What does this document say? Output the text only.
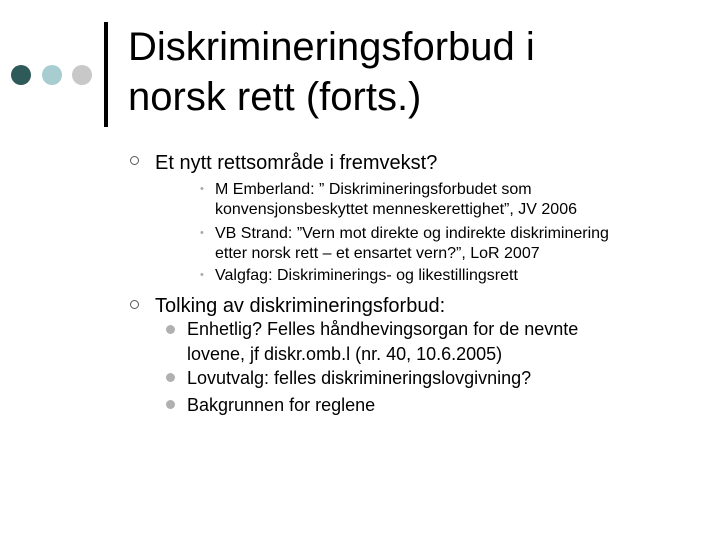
Diskrimineringsforbud i
norsk rett (forts.)
Et nytt rettsområde i fremvekst?
• M Emberland: ” Diskrimineringsforbudet som
konvensjonsbeskyttet menneskerettighet”, JV 2006
• VB Strand: ”Vern mot direkte og indirekte diskriminering
etter norsk rett – et ensartet vern?”, LoR 2007
• Valgfag: Diskriminerings- og likestillingsrett
Tolking av diskrimineringsforbud:
Enhetlig? Felles håndhevingsorgan for de nevnte
lovene, jf diskr.omb.l (nr. 40, 10.6.2005)
Lovutvalg: felles diskrimineringslovgivning?
Bakgrunnen for reglene
